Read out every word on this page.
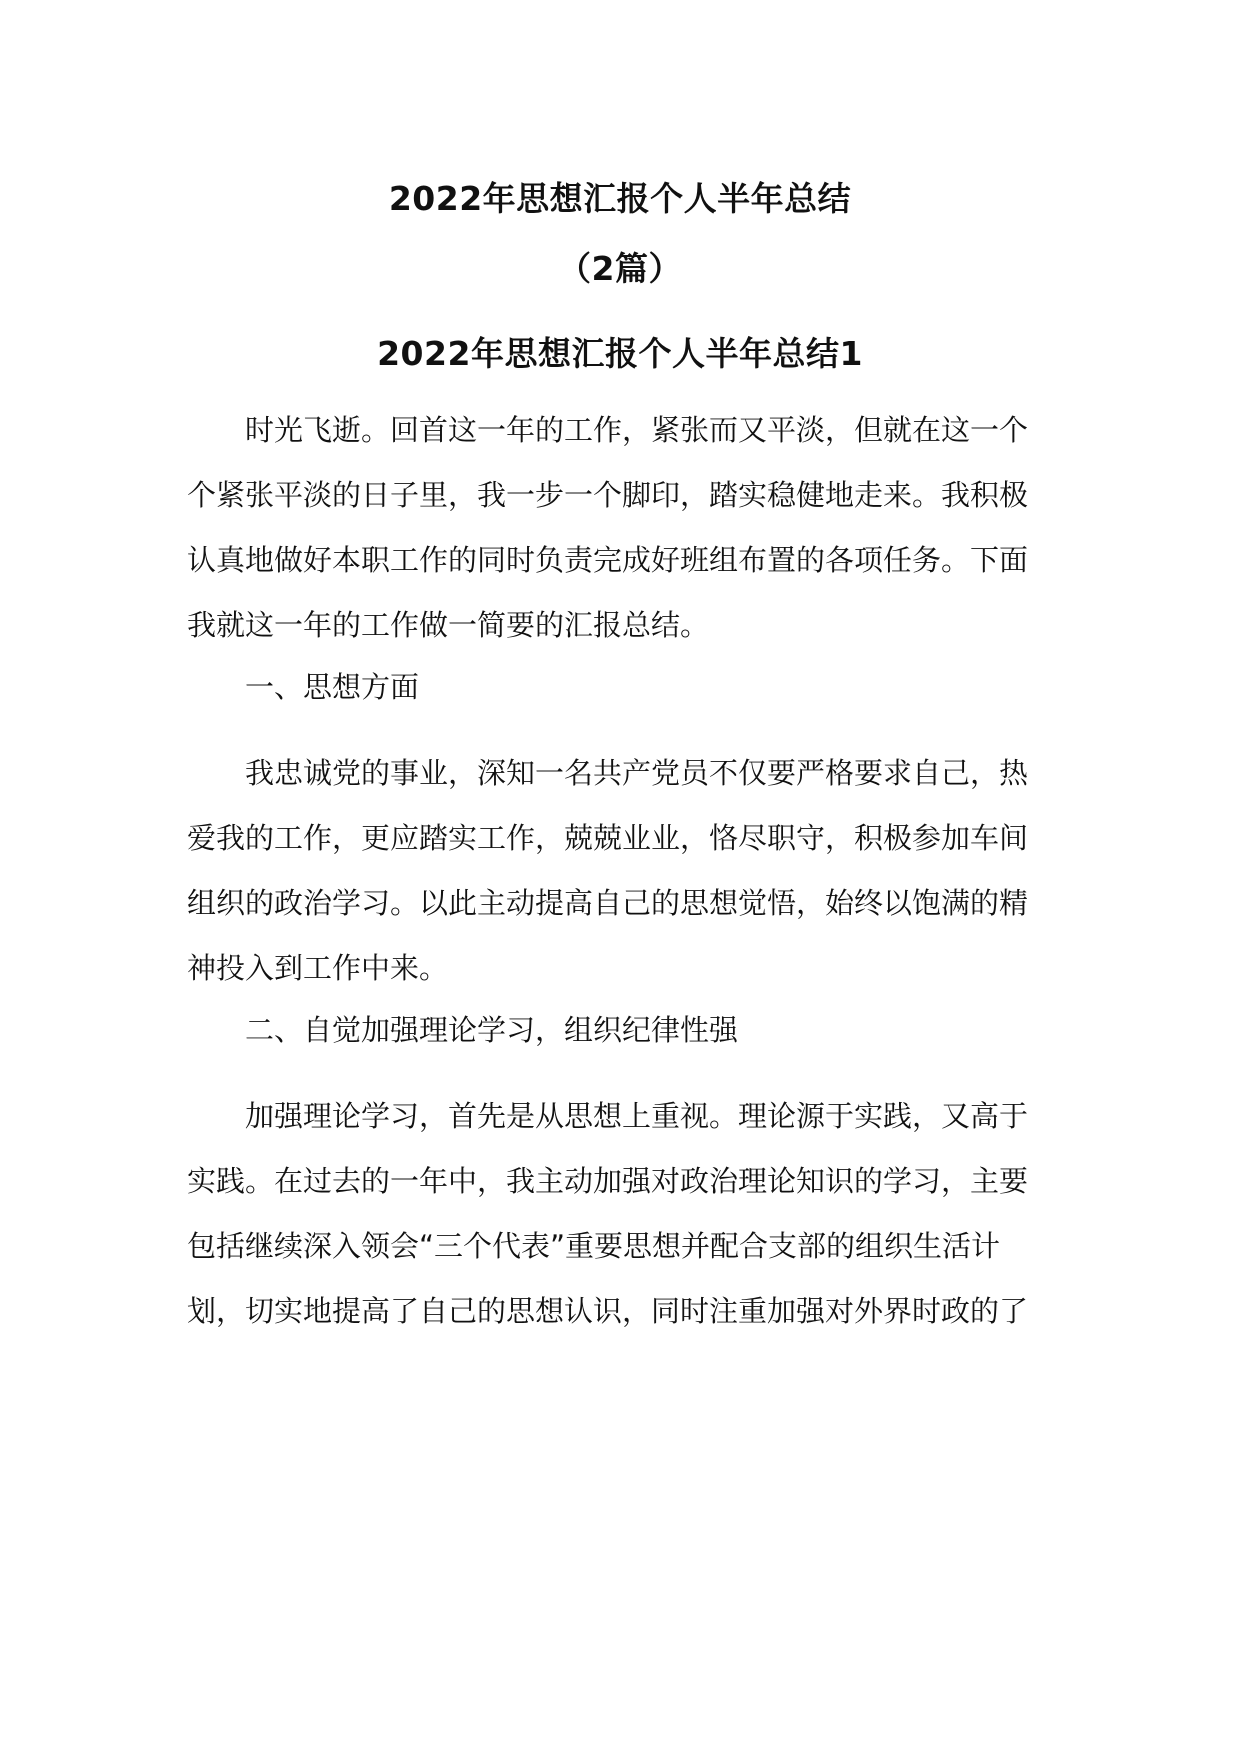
2022年思想汇报个人半年总结
（2篇）
2022年思想汇报个人半年总结1
时光飞逝。回首这一年的工作，紧张而又平淡，但就在这一个
个紧张平淡的日子里，我一步一个脚印，踏实稳健地走来。我积极
认真地做好本职工作的同时负责完成好班组布置的各项任务。下面
我就这一年的工作做一简要的汇报总结。
一、思想方面
我忠诚党的事业，深知一名共产党员不仅要严格要求自己，热
爱我的工作，更应踏实工作，兢兢业业，恪尽职守，积极参加车间
组织的政治学习。以此主动提高自己的思想觉悟，始终以饱满的精
神投入到工作中来。
二、自觉加强理论学习，组织纪律性强
加强理论学习，首先是从思想上重视。理论源于实践，又高于
实践。在过去的一年中，我主动加强对政治理论知识的学习，主要
包括继续深入领会“三个代表”重要思想并配合支部的组织生活计
划，切实地提高了自己的思想认识，同时注重加强对外界时政的了
